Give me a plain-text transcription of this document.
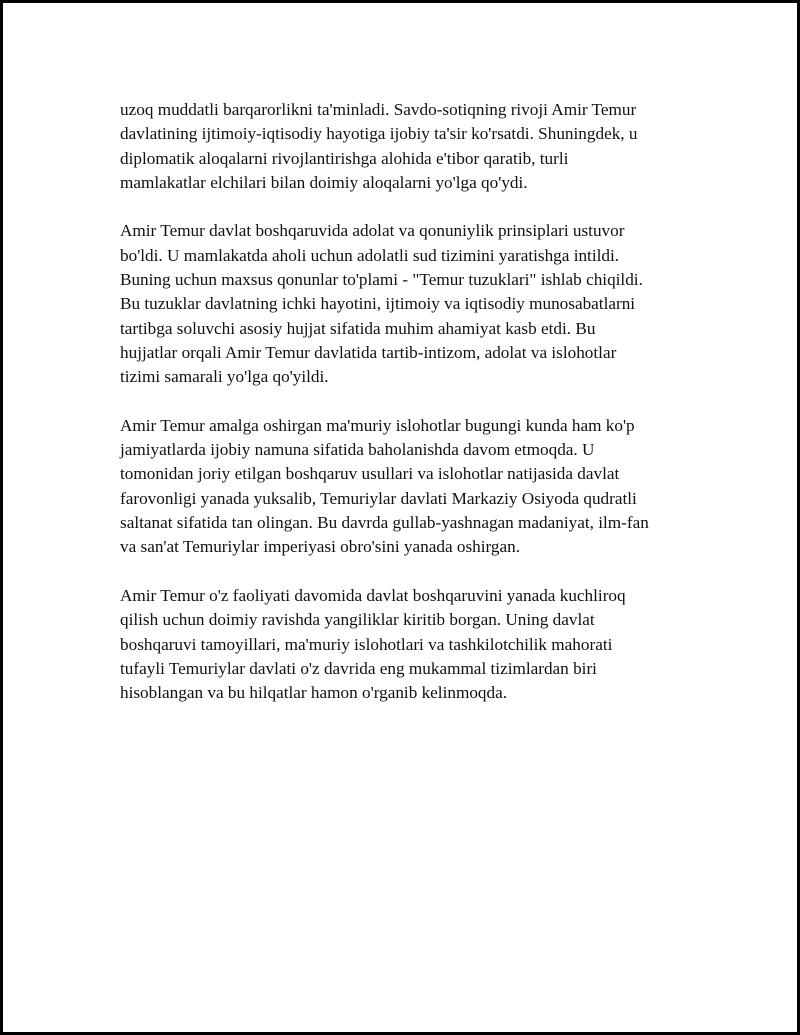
uzoq muddatli barqarorlikni ta'minladi. Savdo-sotiqning rivoji Amir Temur
davlatining ijtimoiy-iqtisodiy hayotiga ijobiy ta'sir ko'rsatdi. Shuningdek, u
diplomatik aloqalarni rivojlantirishga alohida e'tibor qaratib, turli
mamlakatlar elchilari bilan doimiy aloqalarni yo'lga qo'ydi.

Amir Temur davlat boshqaruvida adolat va qonuniylik prinsiplari ustuvor
bo'ldi. U mamlakatda aholi uchun adolatli sud tizimini yaratishga intildi.
Buning uchun maxsus qonunlar to'plami - "Temur tuzuklari" ishlab chiqildi.
Bu tuzuklar davlatning ichki hayotini, ijtimoiy va iqtisodiy munosabatlarni
tartibga soluvchi asosiy hujjat sifatida muhim ahamiyat kasb etdi. Bu
hujjatlar orqali Amir Temur davlatida tartib-intizom, adolat va islohotlar
tizimi samarali yo'lga qo'yildi.

Amir Temur amalga oshirgan ma'muriy islohotlar bugungi kunda ham ko'p
jamiyatlarda ijobiy namuna sifatida baholanishda davom etmoqda. U
tomonidan joriy etilgan boshqaruv usullari va islohotlar natijasida davlat
farovonligi yanada yuksalib, Temuriylar davlati Markaziy Osiyoda qudratli
saltanat sifatida tan olingan. Bu davrda gullab-yashnagan madaniyat, ilm-fan
va san'at Temuriylar imperiyasi obro'sini yanada oshirgan.

Amir Temur o'z faoliyati davomida davlat boshqaruvini yanada kuchliroq
qilish uchun doimiy ravishda yangiliklar kiritib borgan. Uning davlat
boshqaruvi tamoyillari, ma'muriy islohotlari va tashkilotchilik mahorati
tufayli Temuriylar davlati o'z davrida eng mukammal tizimlardan biri
hisoblangan va bu hilqatlar hamon o'rganib kelinmoqda.
